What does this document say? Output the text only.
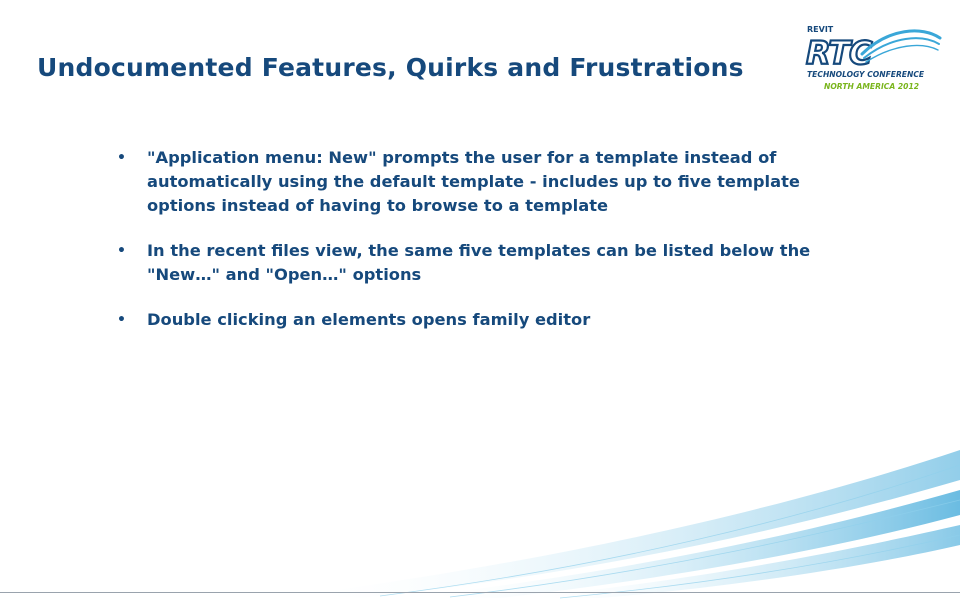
Undocumented Features, Quirks and Frustrations
REVIT
RTC
TECHNOLOGY CONFERENCE
NORTH AMERICA 2012
• "Application menu: New" prompts the user for a template instead of automatically using the default template - includes up to five template options instead of having to browse to a template
• In the recent files view, the same five templates can be listed below the "New…" and "Open…" options
• Double clicking an elements opens family editor
